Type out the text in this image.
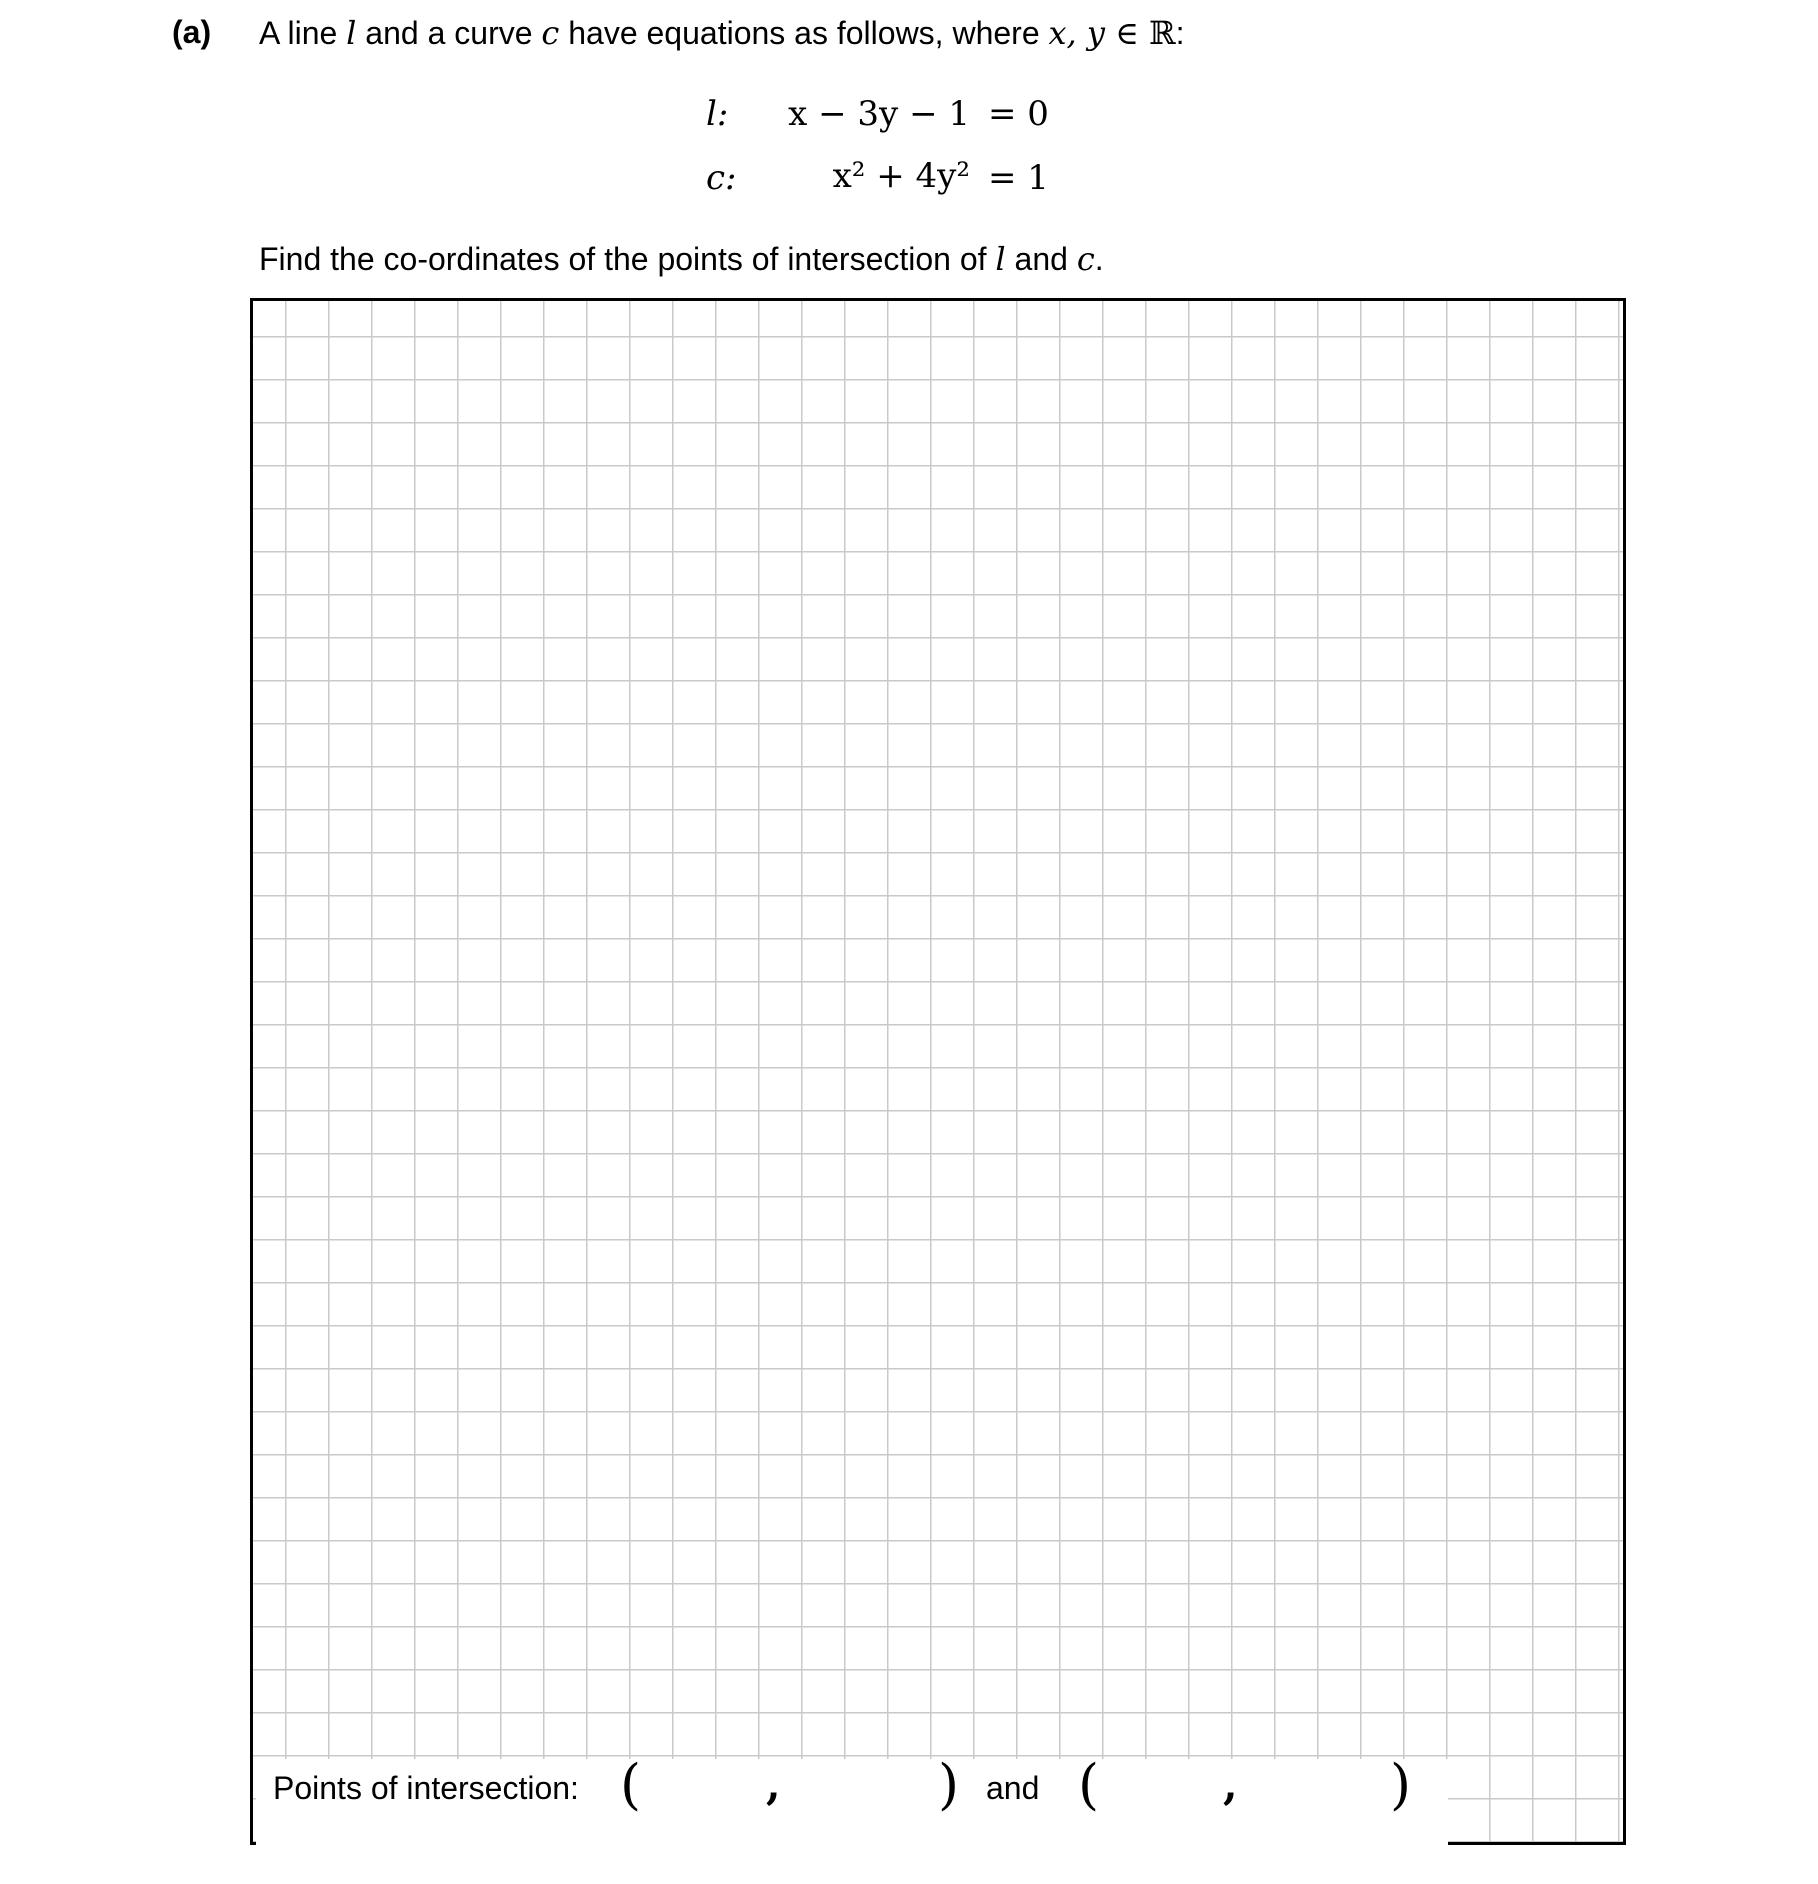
(a) A line l and a curve c have equations as follows, where x, y ∈ ℝ:
l:	x − 3y − 1 = 0
c:	x² + 4y² = 1
Find the co-ordinates of the points of intersection of l and c.
Points of intersection: (	,	) and (	,	)
